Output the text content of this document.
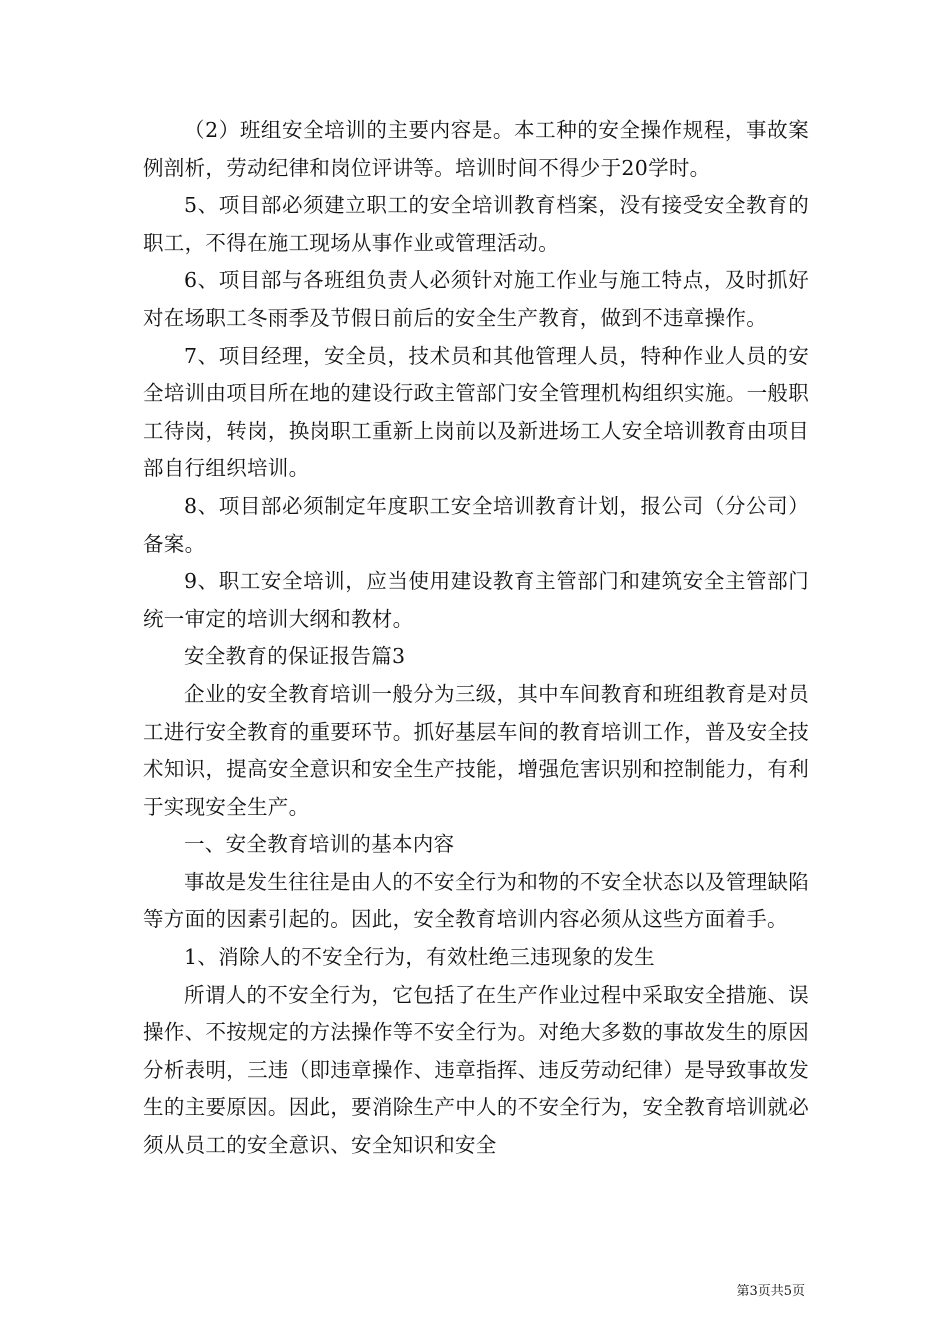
（2）班组安全培训的主要内容是。本工种的安全操作规程，事故案例剖析，劳动纪律和岗位评讲等。培训时间不得少于20学时。

5、项目部必须建立职工的安全培训教育档案，没有接受安全教育的职工，不得在施工现场从事作业或管理活动。

6、项目部与各班组负责人必须针对施工作业与施工特点，及时抓好对在场职工冬雨季及节假日前后的安全生产教育，做到不违章操作。

7、项目经理，安全员，技术员和其他管理人员，特种作业人员的安全培训由项目所在地的建设行政主管部门安全管理机构组织实施。一般职工待岗，转岗，换岗职工重新上岗前以及新进场工人安全培训教育由项目部自行组织培训。

8、项目部必须制定年度职工安全培训教育计划，报公司（分公司）备案。

9、职工安全培训，应当使用建设教育主管部门和建筑安全主管部门统一审定的培训大纲和教材。

安全教育的保证报告篇3

企业的安全教育培训一般分为三级，其中车间教育和班组教育是对员工进行安全教育的重要环节。抓好基层车间的教育培训工作，普及安全技术知识，提高安全意识和安全生产技能，增强危害识别和控制能力，有利于实现安全生产。

一、安全教育培训的基本内容

事故是发生往往是由人的不安全行为和物的不安全状态以及管理缺陷等方面的因素引起的。因此，安全教育培训内容必须从这些方面着手。

1、消除人的不安全行为，有效杜绝三违现象的发生

所谓人的不安全行为，它包括了在生产作业过程中采取安全措施、误操作、不按规定的方法操作等不安全行为。对绝大多数的事故发生的原因分析表明，三违（即违章操作、违章指挥、违反劳动纪律）是导致事故发生的主要原因。因此，要消除生产中人的不安全行为，安全教育培训就必须从员工的安全意识、安全知识和安全

第3页共5页
